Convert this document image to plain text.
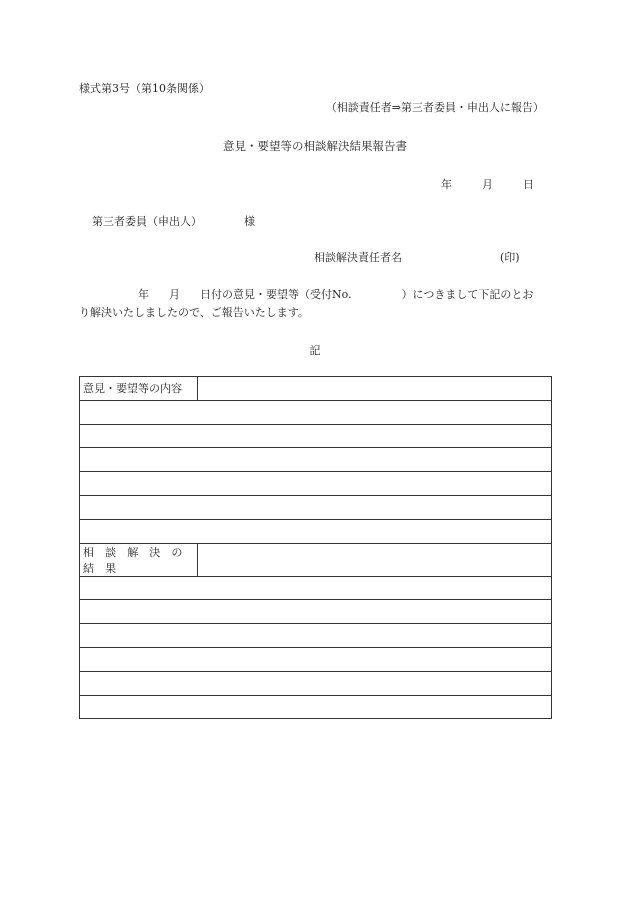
様式第3号（第10条関係）
（相談責任者⇒第三者委員・申出人に報告）
意見・要望等の相談解決結果報告書
年	月	日
第三者委員（申出人）	様
相談解決責任者名	(印)
年 月 日付の意見・要望等（受付No.	）につきまして下記のとお
り解決いたしましたので、ご報告いたします。
記
意見・要望等の内容	

相 談 解 決 の 結 果	
